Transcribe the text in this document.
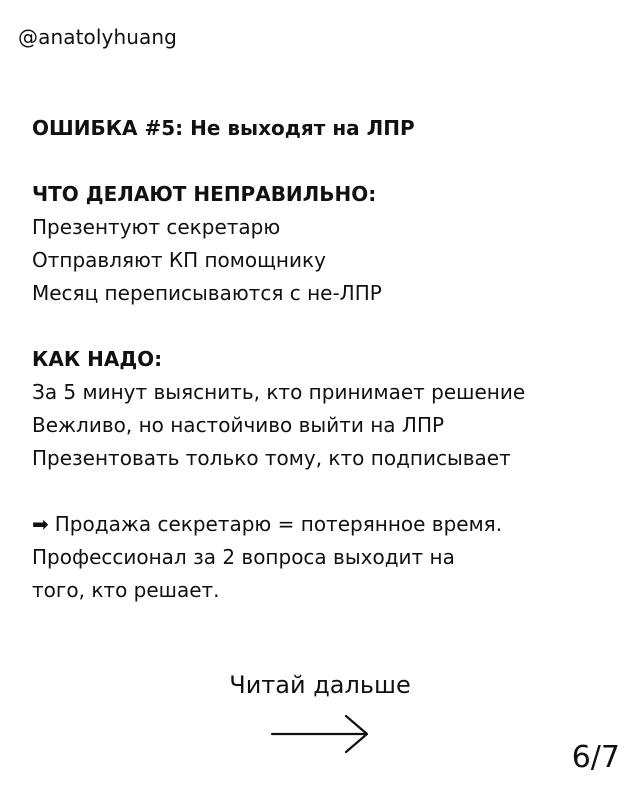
@anatolyhuang
ОШИБКА #5: Не выходят на ЛПР
ЧТО ДЕЛАЮТ НЕПРАВИЛЬНО:
Презентуют секретарю
Отправляют КП помощнику
Месяц переписываются с не-ЛПР
КАК НАДО:
За 5 минут выяснить, кто принимает решение
Вежливо, но настойчиво выйти на ЛПР
Презентовать только тому, кто подписывает
➡ Продажа секретарю = потерянное время.
Профессионал за 2 вопроса выходит на
того, кто решает.
Читай дальше
6/7
